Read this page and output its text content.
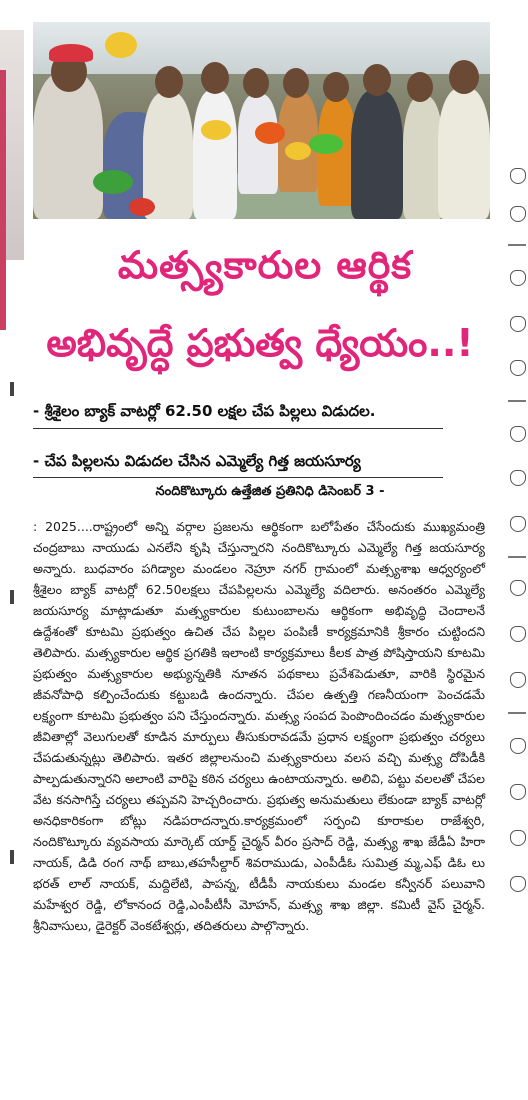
మత్స్యకారుల ఆర్థిక
అభివృద్ధే ప్రభుత్వ ధ్యేయం..!
- శ్రీశైలం బ్యాక్ వాటర్లో 62.50 లక్షల చేప పిల్లలు విడుదల.
- చేప పిల్లలను విడుదల చేసిన ఎమ్మెల్యే గిత్త జయసూర్య
నందికొట్కూరు ఉత్తేజిత ప్రతినిధి డిసెంబర్ 3 -
: 2025....రాష్ట్రంలో అన్ని వర్గాల ప్రజలను ఆర్థికంగా బలోపేతం చేసేందుకు ముఖ్యమంత్రి చంద్రబాబు నాయుడు ఎనలేని కృషి చేస్తున్నారని నందికొట్కూరు ఎమ్మెల్యే గిత్త జయసూర్య అన్నారు. బుధవారం పగిడ్యాల మండలం నెహ్రూ నగర్ గ్రామంలో మత్స్యశాఖ ఆధ్వర్యంలో శ్రీశైలం బ్యాక్ వాటర్లో 62.50లక్షలు చేపపిల్లలను ఎమ్మెల్యే వదిలారు. అనంతరం ఎమ్మెల్యే జయసూర్య మాట్లాడుతూ మత్స్యకారుల కుటుంబాలను ఆర్థికంగా అభివృద్ధి చెందాలనే ఉద్దేశంతో కూటమి ప్రభుత్వం ఉచిత చేప పిల్లల పంపిణీ కార్యక్రమానికి శ్రీకారం చుట్టిందని తెలిపారు. మత్స్యకారుల ఆర్థిక ప్రగతికి ఇలాంటి కార్యక్రమాలు కీలక పాత్ర పోషిస్తాయని కూటమి ప్రభుత్వం మత్స్యకారుల అభ్యున్నతికి నూతన పథకాలు ప్రవేశపెడుతూ, వారికి స్థిరమైన జీవనోపాధి కల్పించేందుకు కట్టుబడి ఉందన్నారు. చేపల ఉత్పత్తి గణనీయంగా పెంచడమే లక్ష్యంగా కూటమి ప్రభుత్వం పని చేస్తుందన్నారు. మత్స్య సంపద పెంపొందించడం మత్స్యకారుల జీవితాల్లో వెలుగులతో కూడిన మార్పులు తీసుకురావడమే ప్రధాన లక్ష్యంగా ప్రభుత్వం చర్యలు చేపడుతున్నట్లు తెలిపారు. ఇతర జిల్లాలనుంచి మత్స్యకారులు వలస వచ్చి మత్స్య దోపిడీకి పాల్పడుతున్నారని అలాంటి వారిపై కఠిన చర్యలు ఉంటాయన్నారు. అలివి, పట్టు వలలతో చేపల వేట కనసాగిస్తే చర్యలు తప్పవని హెచ్చరించారు. ప్రభుత్వ అనుమతులు లేకుండా బ్యాక్ వాటర్లో అనధికారికంగా బోట్లు నడిపరాదన్నారు.కార్యక్రమంలో సర్పంచి కూరాకుల రాజేశ్వరి, నందికొట్కూరు వ్యవసాయ మార్కెట్ యార్డ్ చైర్మన్ వీరం ప్రసాద్ రెడ్డి, మత్స్య శాఖ జేడీఏ హిరా నాయక్, డిడి రంగ నాథ్ బాబు,తహసీల్దార్ శివరాముడు, ఎంపీడీఓ సుమిత్ర మ్మ,ఎఫ్ డిఓ లు భరత్ లాల్ నాయక్, మద్దిలేటి, పాపన్న, టీడీపీ నాయకులు మండల కన్వీనర్ పలువాని మహేశ్వర రెడ్డి, లోకానంద రెడ్డి,ఎంపీటీసీ మోహన్, మత్స్య శాఖ జిల్లా. కమిటీ వైస్ చైర్మన్. శ్రీనివాసులు, డైరెక్టర్ వెంకటేశ్వర్లు, తదితరులు పాల్గొన్నారు.
